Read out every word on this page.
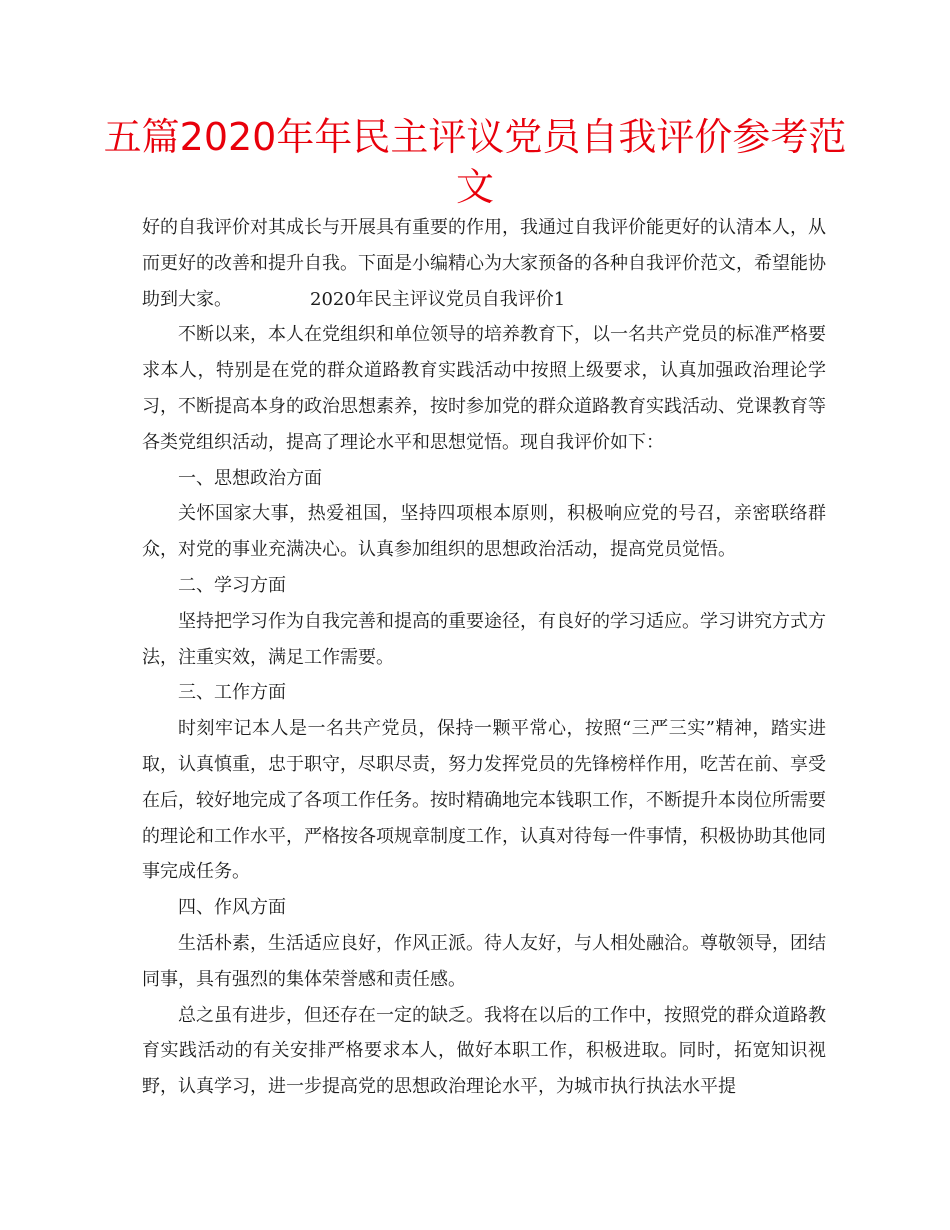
五篇2020年年民主评议党员自我评价参考范文

好的自我评价对其成长与开展具有重要的作用，我通过自我评价能更好的认清本人，从而更好的改善和提升自我。下面是小编精心为大家预备的各种自我评价范文，希望能协助到大家。	2020年民主评议党员自我评价1

不断以来，本人在党组织和单位领导的培养教育下，以一名共产党员的标准严格要求本人，特别是在党的群众道路教育实践活动中按照上级要求，认真加强政治理论学习，不断提高本身的政治思想素养，按时参加党的群众道路教育实践活动、党课教育等各类党组织活动，提高了理论水平和思想觉悟。现自我评价如下：

一、思想政治方面

关怀国家大事，热爱祖国，坚持四项根本原则，积极响应党的号召，亲密联络群众，对党的事业充满决心。认真参加组织的思想政治活动，提高党员觉悟。

二、学习方面

坚持把学习作为自我完善和提高的重要途径，有良好的学习适应。学习讲究方式方法，注重实效，满足工作需要。

三、工作方面

时刻牢记本人是一名共产党员，保持一颗平常心，按照“三严三实”精神，踏实进取，认真慎重，忠于职守，尽职尽责，努力发挥党员的先锋榜样作用，吃苦在前、享受在后，较好地完成了各项工作任务。按时精确地完本钱职工作，不断提升本岗位所需要的理论和工作水平，严格按各项规章制度工作，认真对待每一件事情，积极协助其他同事完成任务。

四、作风方面

生活朴素，生活适应良好，作风正派。待人友好，与人相处融洽。尊敬领导，团结同事，具有强烈的集体荣誉感和责任感。

总之虽有进步，但还存在一定的缺乏。我将在以后的工作中，按照党的群众道路教育实践活动的有关安排严格要求本人，做好本职工作，积极进取。同时，拓宽知识视野，认真学习，进一步提高党的思想政治理论水平，为城市执行执法水平提
